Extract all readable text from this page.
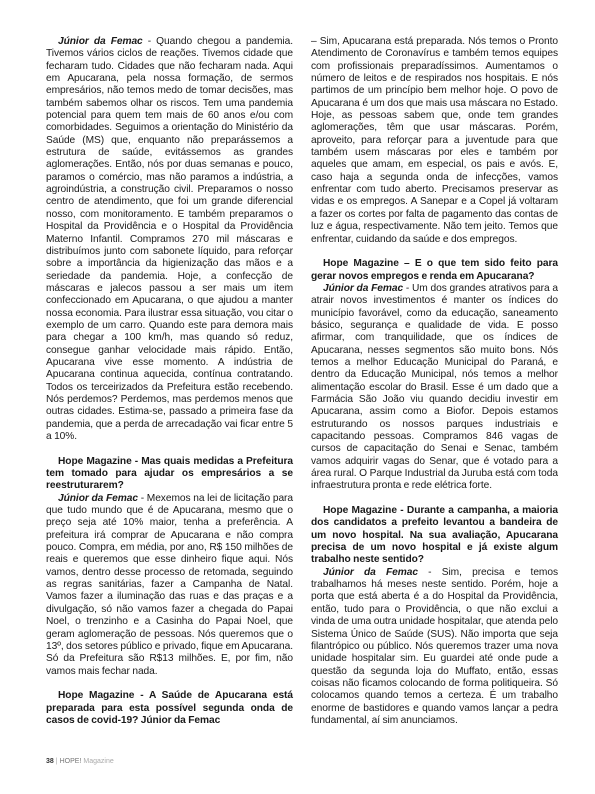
Júnior da Femac - Quando chegou a pandemia. Tivemos vários ciclos de reações. Tivemos cidade que fecharam tudo. Cidades que não fecharam nada. Aqui em Apucarana, pela nossa formação, de sermos empresários, não temos medo de tomar decisões, mas também sabemos olhar os riscos. Tem uma pandemia potencial para quem tem mais de 60 anos e/ou com comorbidades. Seguimos a orientação do Ministério da Saúde (MS) que, enquanto não preparássemos a estrutura de saúde, evitássemos as grandes aglomerações. Então, nós por duas semanas e pouco, paramos o comércio, mas não paramos a indústria, a agroindústria, a construção civil. Preparamos o nosso centro de atendimento, que foi um grande diferencial nosso, com monitoramento. E também preparamos o Hospital da Providência e o Hospital da Providência Materno Infantil. Compramos 270 mil máscaras e distribuímos junto com sabonete líquido, para reforçar sobre a importância da higienização das mãos e a seriedade da pandemia. Hoje, a confecção de máscaras e jalecos passou a ser mais um item confeccionado em Apucarana, o que ajudou a manter nossa economia. Para ilustrar essa situação, vou citar o exemplo de um carro. Quando este para demora mais para chegar a 100 km/h, mas quando só reduz, consegue ganhar velocidade mais rápido. Então, Apucarana vive esse momento. A indústria de Apucarana continua aquecida, contínua contratando. Todos os terceirizados da Prefeitura estão recebendo. Nós perdemos? Perdemos, mas perdemos menos que outras cidades. Estima-se, passado a primeira fase da pandemia, que a perda de arrecadação vai ficar entre 5 a 10%.

Hope Magazine - Mas quais medidas a Prefeitura tem tomado para ajudar os empresários a se reestruturarem?

Júnior da Femac - Mexemos na lei de licitação para que tudo mundo que é de Apucarana, mesmo que o preço seja até 10% maior, tenha a preferência. A prefeitura irá comprar de Apucarana e não compra pouco. Compra, em média, por ano, R$ 150 milhões de reais e queremos que esse dinheiro fique aqui. Nós vamos, dentro desse processo de retomada, seguindo as regras sanitárias, fazer a Campanha de Natal. Vamos fazer a iluminação das ruas e das praças e a divulgação, só não vamos fazer a chegada do Papai Noel, o trenzinho e a Casinha do Papai Noel, que geram aglomeração de pessoas. Nós queremos que o 13º, dos setores público e privado, fique em Apucarana. Só da Prefeitura são R$13 milhões. E, por fim, não vamos mais fechar nada.

Hope Magazine - A Saúde de Apucarana está preparada para esta possível segunda onda de casos de covid-19? Júnior da Femac

– Sim, Apucarana está preparada. Nós temos o Pronto Atendimento de Coronavírus e também temos equipes com profissionais preparadíssimos. Aumentamos o número de leitos e de respirados nos hospitais. E nós partimos de um princípio bem melhor hoje. O povo de Apucarana é um dos que mais usa máscara no Estado. Hoje, as pessoas sabem que, onde tem grandes aglomerações, têm que usar máscaras. Porém, aproveito, para reforçar para a juventude para que também usem máscaras por eles e também por aqueles que amam, em especial, os pais e avós. E, caso haja a segunda onda de infecções, vamos enfrentar com tudo aberto. Precisamos preservar as vidas e os empregos. A Sanepar e a Copel já voltaram a fazer os cortes por falta de pagamento das contas de luz e água, respectivamente. Não tem jeito. Temos que enfrentar, cuidando da saúde e dos empregos.

Hope Magazine – E o que tem sido feito para gerar novos empregos e renda em Apucarana?

Júnior da Femac - Um dos grandes atrativos para a atrair novos investimentos é manter os índices do município favorável, como da educação, saneamento básico, segurança e qualidade de vida. E posso afirmar, com tranquilidade, que os índices de Apucarana, nesses segmentos são muito bons. Nós temos a melhor Educação Municipal do Paraná, e dentro da Educação Municipal, nós temos a melhor alimentação escolar do Brasil. Esse é um dado que a Farmácia São João viu quando decidiu investir em Apucarana, assim como a Biofor. Depois estamos estruturando os nossos parques industriais e capacitando pessoas. Compramos 846 vagas de cursos de capacitação do Senai e Senac, também vamos adquirir vagas do Senar, que é votado para a área rural. O Parque Industrial da Juruba está com toda infraestrutura pronta e rede elétrica forte.

Hope Magazine - Durante a campanha, a maioria dos candidatos a prefeito levantou a bandeira de um novo hospital. Na sua avaliação, Apucarana precisa de um novo hospital e já existe algum trabalho neste sentido?

Júnior da Femac - Sim, precisa e temos trabalhamos há meses neste sentido. Porém, hoje a porta que está aberta é a do Hospital da Providência, então, tudo para o Providência, o que não exclui a vinda de uma outra unidade hospitalar, que atenda pelo Sistema Único de Saúde (SUS). Não importa que seja filantrópico ou público. Nós queremos trazer uma nova unidade hospitalar sim. Eu guardei até onde pude a questão da segunda loja do Muffato, então, essas coisas não ficamos colocando de forma politiqueira. Só colocamos quando temos a certeza. É um trabalho enorme de bastidores e quando vamos lançar a pedra fundamental, aí sim anunciamos.

38 | HOPE! Magazine
